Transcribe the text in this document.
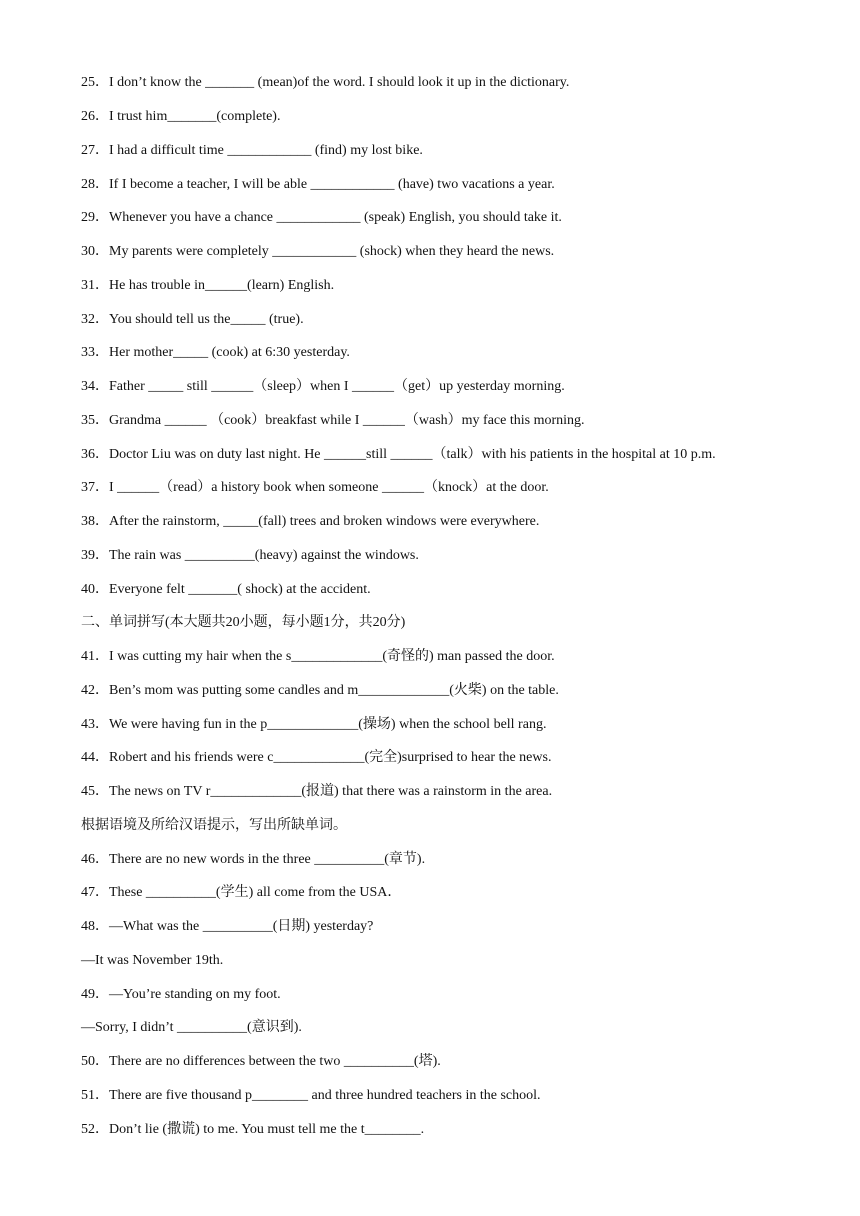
25．I don’t know the _______ (mean)of the word. I should look it up in the dictionary.
26．I trust him_______(complete).
27．I had a difficult time ____________ (find) my lost bike.
28．If I become a teacher, I will be able ____________ (have) two vacations a year.
29．Whenever you have a chance ____________ (speak) English, you should take it.
30．My parents were completely ____________ (shock) when they heard the news.
31．He has trouble in______(learn) English.
32．You should tell us the_____ (true).
33．Her mother_____ (cook) at 6:30 yesterday.
34．Father _____ still ______（sleep）when I ______（get）up yesterday morning.
35．Grandma ______ （cook）breakfast while I ______（wash）my face this morning.
36．Doctor Liu was on duty last night. He ______still ______（talk）with his patients in the hospital at 10 p.m.
37．I ______（read）a history book when someone ______（knock）at the door.
38．After the rainstorm, _____(fall) trees and broken windows were everywhere.
39．The rain was __________(heavy) against the windows.
40．Everyone felt _______( shock) at the accident.
二、单词拼写(本大题共20小题，每小题1分，共20分)
41．I was cutting my hair when the s_____________(奇怪的) man passed the door.
42．Ben’s mom was putting some candles and m_____________(火柴) on the table.
43．We were having fun in the p_____________(操场) when the school bell rang.
44．Robert and his friends were c_____________(完全)surprised to hear the news.
45．The news on TV r_____________(报道) that there was a rainstorm in the area.
根据语境及所给汉语提示，写出所缺单词。
46．There are no new words in the three __________(章节).
47．These __________(学生) all come from the USA．
48．—What was the __________(日期) yesterday?
—It was November 19th.
49．—You’re standing on my foot.
—Sorry, I didn’t __________(意识到).
50．There are no differences between the two __________(塔).
51．There are five thousand p________ and three hundred teachers in the school.
52．Don’t lie (撒谎) to me. You must tell me the t________.
